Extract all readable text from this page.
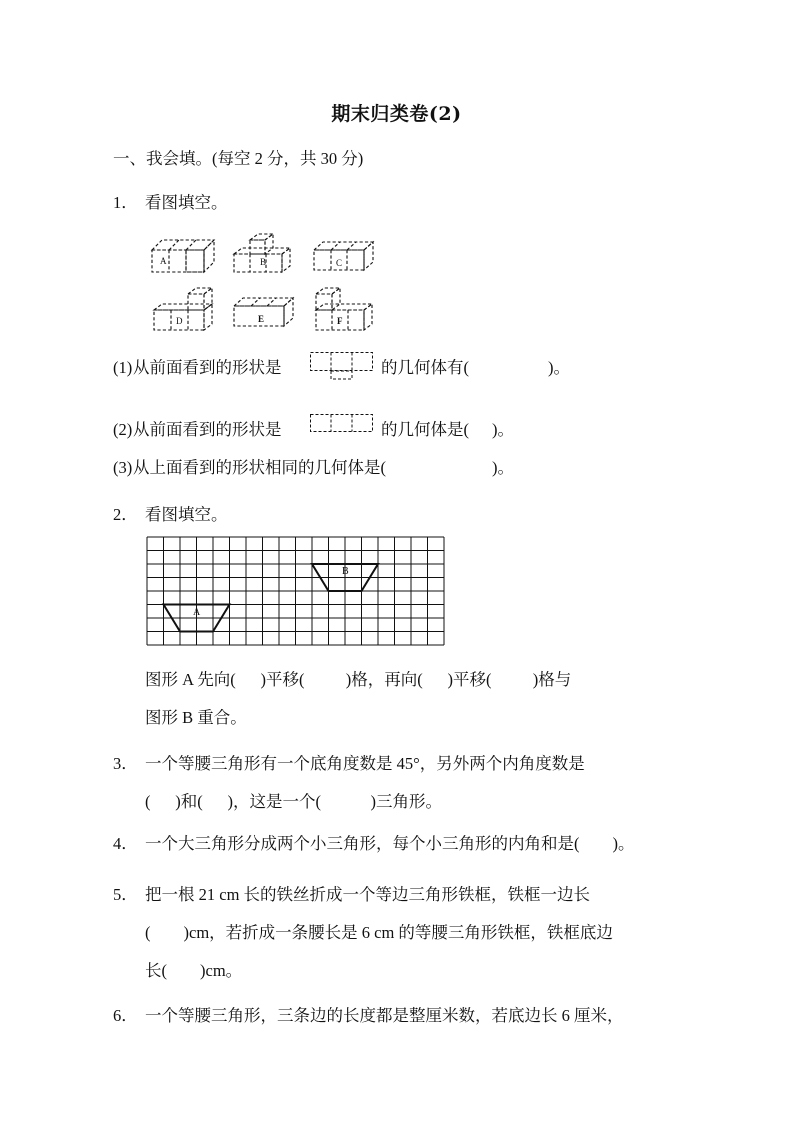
期末归类卷(2)
一、我会填。(每空 2 分，共 30 分)
1． 看图填空。
A	B	C
D	E	F
(1) 从前面看到的形状是	的几何体有(	)。
(2) 从前面看到的形状是	的几何体是( )。
(3) 从上面看到的形状相同的几何体是(	)。
2． 看图填空。
A
B
图形 A 先向(      )平移(          )格，再向(      )平移(          )格与
图形 B 重合。
3． 一个等腰三角形有一个底角度数是 45°，另外两个内角度数是
(      )和(      )，这是一个(            )三角形。
4． 一个大三角形分成两个小三角形，每个小三角形的内角和是(        )。
5． 把一根 21 cm 长的铁丝折成一个等边三角形铁框，铁框一边长
(        )cm，若折成一条腰长是 6 cm 的等腰三角形铁框，铁框底边
长(        )cm。
6． 一个等腰三角形，三条边的长度都是整厘米数，若底边长 6 厘米，
